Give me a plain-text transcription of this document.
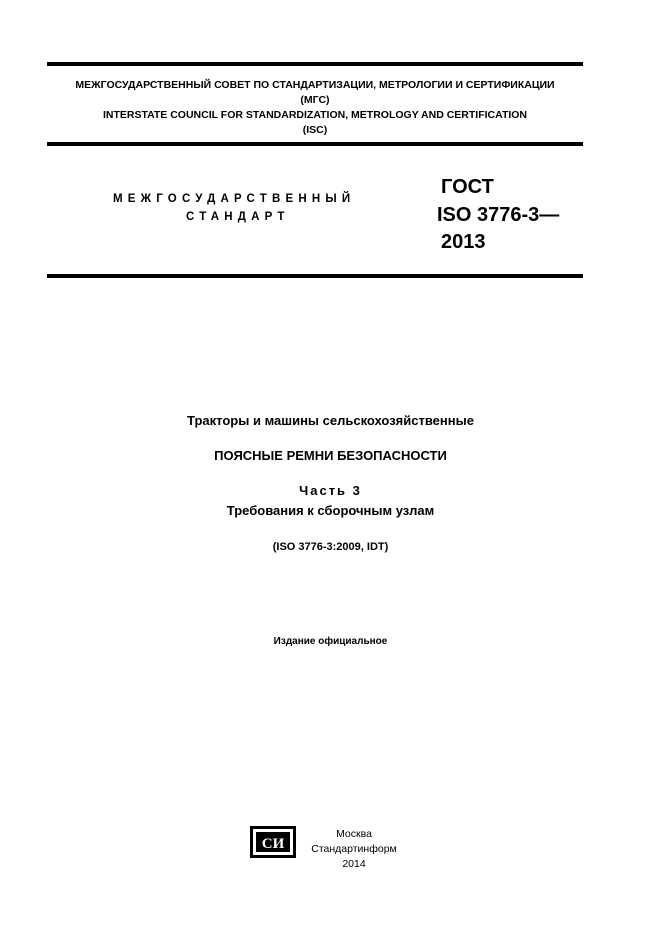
МЕЖГОСУДАРСТВЕННЫЙ СОВЕТ ПО СТАНДАРТИЗАЦИИ, МЕТРОЛОГИИ И СЕРТИФИКАЦИИ
(МГС)
INTERSTATE COUNCIL FOR STANDARDIZATION, METROLOGY AND CERTIFICATION
(ISC)
МЕЖГОСУДАРСТВЕННЫЙ
СТАНДАРТ
ГОСТ
ISO 3776-3—
2013
Тракторы и машины сельскохозяйственные
ПОЯСНЫЕ РЕМНИ БЕЗОПАСНОСТИ
Часть 3
Требования к сборочным узлам
(ISO 3776-3:2009, IDT)
Издание официальное
СИ
Москва
Стандартинформ
2014
